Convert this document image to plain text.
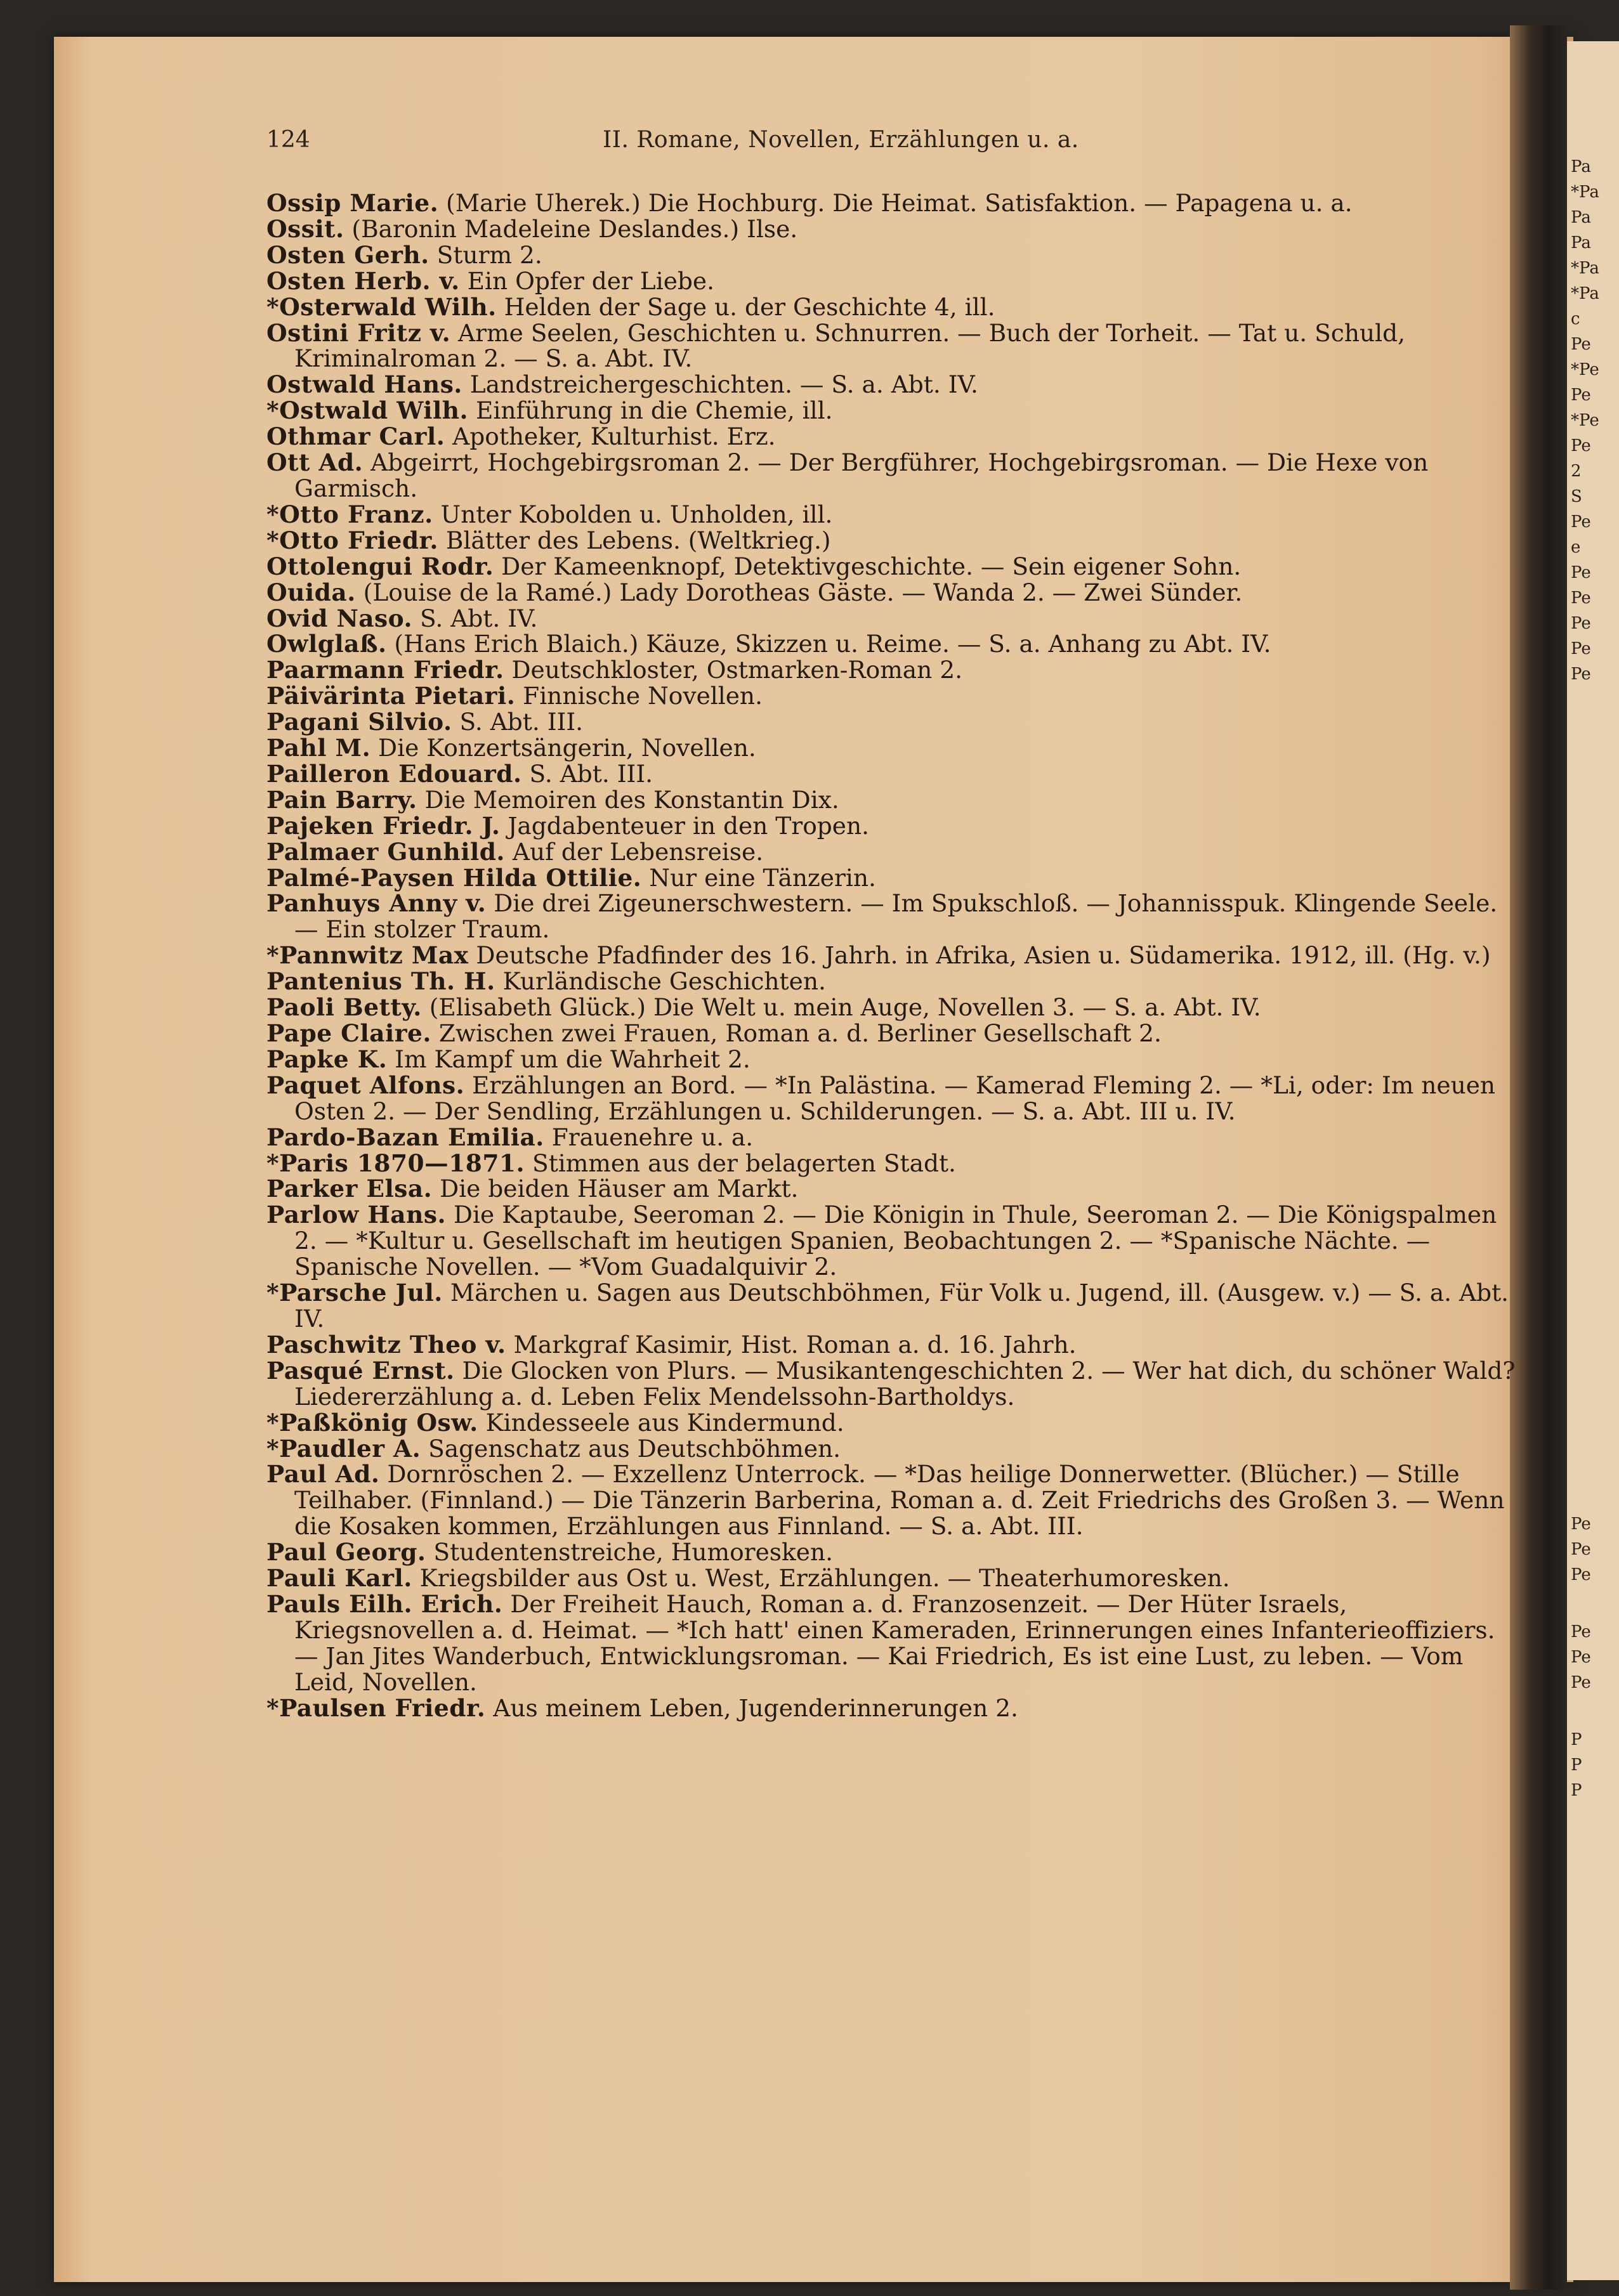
Pa
*Pa
Pa
Pa
*Pa
*Pa
c
Pe
*Pe
Pe
*Pe
Pe
2
S
Pe
e
Pe
Pe
Pe
Pe
Pe
Pe
Pe
Pe
Pe
Pe
Pe
P
P
P
124	II. Romane, Novellen, Erzählungen u. a.
Ossip Marie. (Marie Uherek.) Die Hochburg. Die Heimat. Satisfaktion. — Papagena u. a.
Ossit. (Baronin Madeleine Deslandes.) Ilse.
Osten Gerh. Sturm 2.
Osten Herb. v. Ein Opfer der Liebe.
*Osterwald Wilh. Helden der Sage u. der Geschichte 4, ill.
Ostini Fritz v. Arme Seelen, Geschichten u. Schnurren. — Buch der Torheit. — Tat u. Schuld, Kriminalroman 2. — S. a. Abt. IV.
Ostwald Hans. Landstreichergeschichten. — S. a. Abt. IV.
*Ostwald Wilh. Einführung in die Chemie, ill.
Othmar Carl. Apotheker, Kulturhist. Erz.
Ott Ad. Abgeirrt, Hochgebirgsroman 2. — Der Bergführer, Hochgebirgsroman. — Die Hexe von Garmisch.
*Otto Franz. Unter Kobolden u. Unholden, ill.
*Otto Friedr. Blätter des Lebens. (Weltkrieg.)
Ottolengui Rodr. Der Kameenknopf, Detektivgeschichte. — Sein eigener Sohn.
Ouida. (Louise de la Ramé.) Lady Dorotheas Gäste. — Wanda 2. — Zwei Sünder.
Ovid Naso. S. Abt. IV.
Owlglaß. (Hans Erich Blaich.) Käuze, Skizzen u. Reime. — S. a. Anhang zu Abt. IV.
Paarmann Friedr. Deutschkloster, Ostmarken-Roman 2.
Päivärinta Pietari. Finnische Novellen.
Pagani Silvio. S. Abt. III.
Pahl M. Die Konzertsängerin, Novellen.
Pailleron Edouard. S. Abt. III.
Pain Barry. Die Memoiren des Konstantin Dix.
Pajeken Friedr. J. Jagdabenteuer in den Tropen.
Palmaer Gunhild. Auf der Lebensreise.
Palmé-Paysen Hilda Ottilie. Nur eine Tänzerin.
Panhuys Anny v. Die drei Zigeunerschwestern. — Im Spukschloß. — Johannisspuk. Klingende Seele. — Ein stolzer Traum.
*Pannwitz Max Deutsche Pfadfinder des 16. Jahrh. in Afrika, Asien u. Südamerika. 1912, ill. (Hg. v.)
Pantenius Th. H. Kurländische Geschichten.
Paoli Betty. (Elisabeth Glück.) Die Welt u. mein Auge, Novellen 3. — S. a. Abt. IV.
Pape Claire. Zwischen zwei Frauen, Roman a. d. Berliner Gesellschaft 2.
Papke K. Im Kampf um die Wahrheit 2.
Paquet Alfons. Erzählungen an Bord. — *In Palästina. — Kamerad Fleming 2. — *Li, oder: Im neuen Osten 2. — Der Sendling, Erzählungen u. Schilderungen. — S. a. Abt. III u. IV.
Pardo-Bazan Emilia. Frauenehre u. a.
*Paris 1870—1871. Stimmen aus der belagerten Stadt.
Parker Elsa. Die beiden Häuser am Markt.
Parlow Hans. Die Kaptaube, Seeroman 2. — Die Königin in Thule, Seeroman 2. — Die Königspalmen 2. — *Kultur u. Gesellschaft im heutigen Spanien, Beobachtungen 2. — *Spanische Nächte. — Spanische Novellen. — *Vom Guadalquivir 2.
*Parsche Jul. Märchen u. Sagen aus Deutschböhmen, Für Volk u. Jugend, ill. (Ausgew. v.) — S. a. Abt. IV.
Paschwitz Theo v. Markgraf Kasimir, Hist. Roman a. d. 16. Jahrh.
Pasqué Ernst. Die Glocken von Plurs. — Musikantengeschichten 2. — Wer hat dich, du schöner Wald? Liedererzählung a. d. Leben Felix Mendelssohn-Bartholdys.
*Paßkönig Osw. Kindesseele aus Kindermund.
*Paudler A. Sagenschatz aus Deutschböhmen.
Paul Ad. Dornröschen 2. — Exzellenz Unterrock. — *Das heilige Donnerwetter. (Blücher.) — Stille Teilhaber. (Finnland.) — Die Tänzerin Barberina, Roman a. d. Zeit Friedrichs des Großen 3. — Wenn die Kosaken kommen, Erzählungen aus Finnland. — S. a. Abt. III.
Paul Georg. Studentenstreiche, Humoresken.
Pauli Karl. Kriegsbilder aus Ost u. West, Erzählungen. — Theaterhumoresken.
Pauls Eilh. Erich. Der Freiheit Hauch, Roman a. d. Franzosenzeit. — Der Hüter Israels, Kriegsnovellen a. d. Heimat. — *Ich hatt' einen Kameraden, Erinnerungen eines Infanterieoffiziers. — Jan Jites Wanderbuch, Entwicklungsroman. — Kai Friedrich, Es ist eine Lust, zu leben. — Vom Leid, Novellen.
*Paulsen Friedr. Aus meinem Leben, Jugenderinnerungen 2.
